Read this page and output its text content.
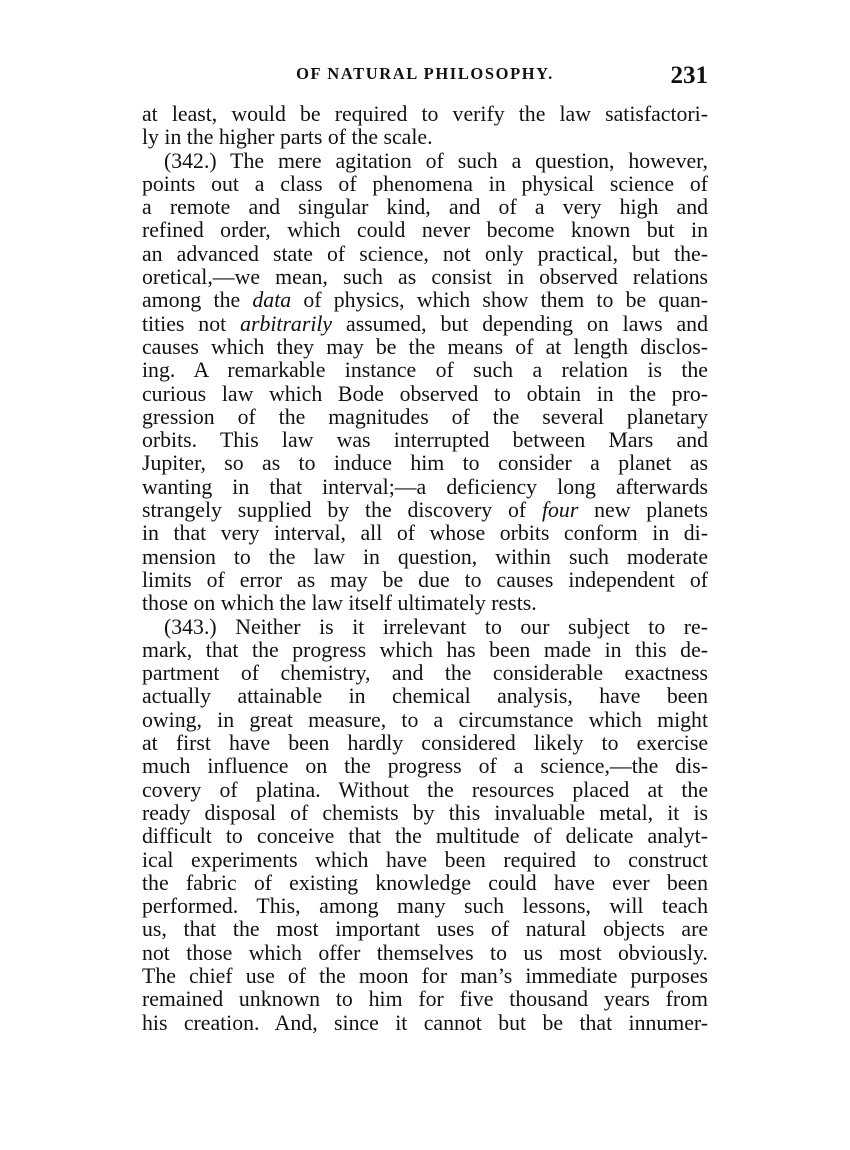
OF NATURAL PHILOSOPHY.	231
at least, would be required to verify the law satisfactori-
ly in the higher parts of the scale.
(342.) The mere agitation of such a question, however,
points out a class of phenomena in physical science of
a remote and singular kind, and of a very high and
refined order, which could never become known but in
an advanced state of science, not only practical, but the-
oretical,—we mean, such as consist in observed relations
among the data of physics, which show them to be quan-
tities not arbitrarily assumed, but depending on laws and
causes which they may be the means of at length disclos-
ing. A remarkable instance of such a relation is the
curious law which Bode observed to obtain in the pro-
gression of the magnitudes of the several planetary
orbits. This law was interrupted between Mars and
Jupiter, so as to induce him to consider a planet as
wanting in that interval;—a deficiency long afterwards
strangely supplied by the discovery of four new planets
in that very interval, all of whose orbits conform in di-
mension to the law in question, within such moderate
limits of error as may be due to causes independent of
those on which the law itself ultimately rests.
(343.) Neither is it irrelevant to our subject to re-
mark, that the progress which has been made in this de-
partment of chemistry, and the considerable exactness
actually attainable in chemical analysis, have been
owing, in great measure, to a circumstance which might
at first have been hardly considered likely to exercise
much influence on the progress of a science,—the dis-
covery of platina. Without the resources placed at the
ready disposal of chemists by this invaluable metal, it is
difficult to conceive that the multitude of delicate analyt-
ical experiments which have been required to construct
the fabric of existing knowledge could have ever been
performed. This, among many such lessons, will teach
us, that the most important uses of natural objects are
not those which offer themselves to us most obviously.
The chief use of the moon for man’s immediate purposes
remained unknown to him for five thousand years from
his creation. And, since it cannot but be that innumer-
